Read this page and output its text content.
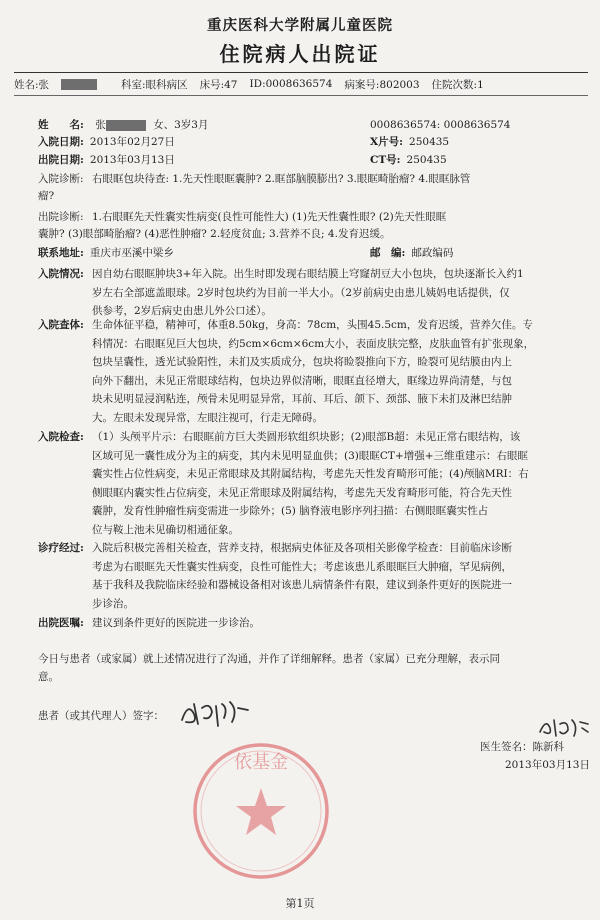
重庆医科大学附属儿童医院
住院病人出院证
姓名:张	科室:眼科病区 床号:47 ID:0008636574 病案号:802003 住院次数:1
姓　　名: 张	女、3岁3月	0008636574: 0008636574
入院日期: 2013年02月27日	X片号: 250435
出院日期: 2013年03月13日	CT号: 250435
入院诊断: 右眼眶包块待查: 1.先天性眼眶囊肿? 2.眶部脑膜膨出? 3.眼眶畸胎瘤? 4.眼眶脉管
瘤?
出院诊断: 1.右眼眶先天性囊实性病变(良性可能性大) (1)先天性囊性眼? (2)先天性眼眶
囊肿? (3)眼部畸胎瘤? (4)恶性肿瘤? 2.轻度贫血; 3.营养不良; 4.发育迟缓。
联系地址: 重庆市巫溪中梁乡	邮　编: 邮政编码
入院情况: 因自幼右眼眶肿块3+年入院。出生时即发现右眼结膜上穹窿胡豆大小包块，包块逐渐长入约1
岁左右全部遮盖眼球。2岁时包块约为目前一半大小。（2岁前病史由患儿姨妈电话提供，仅
供参考，2岁后病史由患儿外公口述）。
入院查体: 生命体征平稳，精神可，体重8.50kg，身高：78cm，头围45.5cm，发育迟缓，营养欠佳。专
科情况：右眼眶见巨大包块，约5cm×6cm×6cm大小，表面皮肤完整，皮肤血管有扩张现象，
包块呈囊性，透光试验阳性，未扪及实质成分，包块将睑裂推向下方，睑裂可见结膜由内上
向外下翻出，未见正常眼球结构，包块边界似清晰，眼眶直径增大，眶缘边界尚清楚，与包
块未见明显浸润粘连，颅骨未见明显异常，耳前、耳后、颌下、颈部、腋下未扪及淋巴结肿
大。左眼未发现异常，左眼注视可，行走无障碍。
入院检查: （1）头颅平片示：右眼眶前方巨大类圆形软组织块影；(2)眼部B超：未见正常右眼结构，该
区域可见一囊性成分为主的病变，其内未见明显血供；(3)眼眶CT+增强+三维重建示：右眼眶
囊实性占位性病变，未见正常眼球及其附属结构，考虑先天性发育畸形可能；(4)颅脑MRI：右
侧眼眶内囊实性占位病变，未见正常眼球及附属结构，考虑先天发育畸形可能，符合先天性
囊肿，发育性肿瘤性病变需进一步除外；(5) 脑脊液电影序列扫描：右侧眼眶囊实性占
位与鞍上池未见确切相通征象。
诊疗经过: 入院后积极完善相关检查，营养支持，根据病史体征及各项相关影像学检查：目前临床诊断
考虑为右眼眶先天性囊实性病变，良性可能性大；考虑该患儿系眼眶巨大肿瘤，罕见病例，
基于我科及我院临床经验和器械设备相对该患儿病情条件有限，建议到条件更好的医院进一
步诊治。
出院医嘱: 建议到条件更好的医院进一步诊治。
今日与患者（或家属）就上述情况进行了沟通，并作了详细解释。患者（家属）已充分理解，表示同
意。
患者（或其代理人）签字：
医生签名：陈新科
2013年03月13日
依基金
第1页
